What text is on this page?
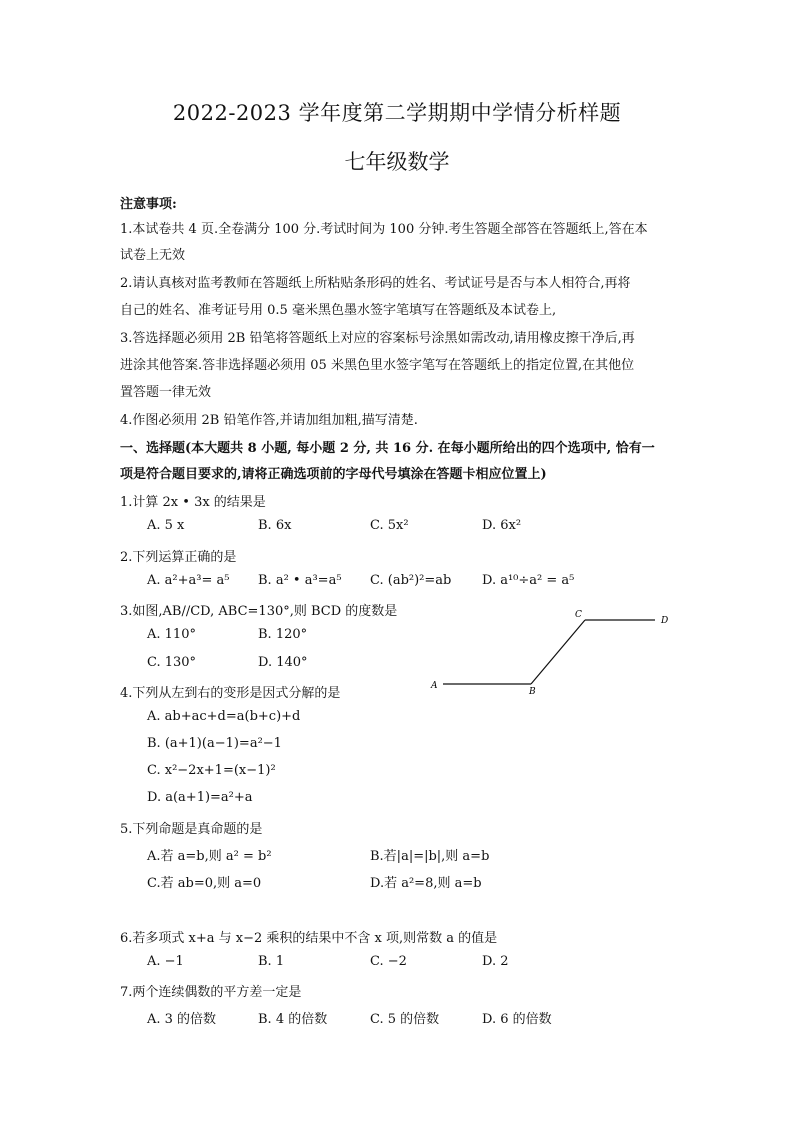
2022-2023 学年度第二学期期中学情分析样题
七年级数学
注意事项:
1.本试卷共 4 页.全卷满分 100 分.考试时间为 100 分钟.考生答题全部答在答题纸上,答在本
试卷上无效
2.请认真核对监考教师在答题纸上所粘贴条形码的姓名、考试证号是否与本人相符合,再将
自己的姓名、准考证号用 0.5 毫米黑色墨水签字笔填写在答题纸及本试卷上,
3.答选择题必须用 2B 铅笔将答题纸上对应的容案标号涂黑如需改动,请用橡皮擦干净后,再
进涂其他答案.答非选择题必须用 05 米黑色里水签字笔写在答题纸上的指定位置,在其他位
置答题一律无效
4.作图必须用 2B 铅笔作答,并请加组加粗,描写清楚.
一、选择题(本大题共 8 小题, 每小题 2 分, 共 16 分. 在每小题所给出的四个选项中, 恰有一
项是符合题目要求的,请将正确选项前的字母代号填涂在答题卡相应位置上)
1.计算 2x • 3x 的结果是
A. 5 x	B. 6x	C. 5x²	D. 6x²
2.下列运算正确的是
A. a²+a³= a⁵ B. a² • a³=a⁵ C. (ab²)²=ab D. a¹⁰÷a² = a⁵
3.如图,AB//CD, ABC=130°,则 BCD 的度数是
A. 110°	B. 120°
C. 130°	D. 140°
A
B
C
D
4.下列从左到右的变形是因式分解的是
A. ab+ac+d=a(b+c)+d
B. (a+1)(a−1)=a²−1
C. x²−2x+1=(x−1)²
D. a(a+1)=a²+a
5.下列命题是真命题的是
A.若 a=b,则 a² = b²	B.若|a|=|b|,则 a=b
C.若 ab=0,则 a=0	D.若 a²=8,则 a=b
6.若多项式 x+a 与 x−2 乘积的结果中不含 x 项,则常数 a 的值是
A. −1	B. 1	C. −2	D. 2
7.两个连续偶数的平方差一定是
A. 3 的倍数	B. 4 的倍数	C. 5 的倍数	D. 6 的倍数
